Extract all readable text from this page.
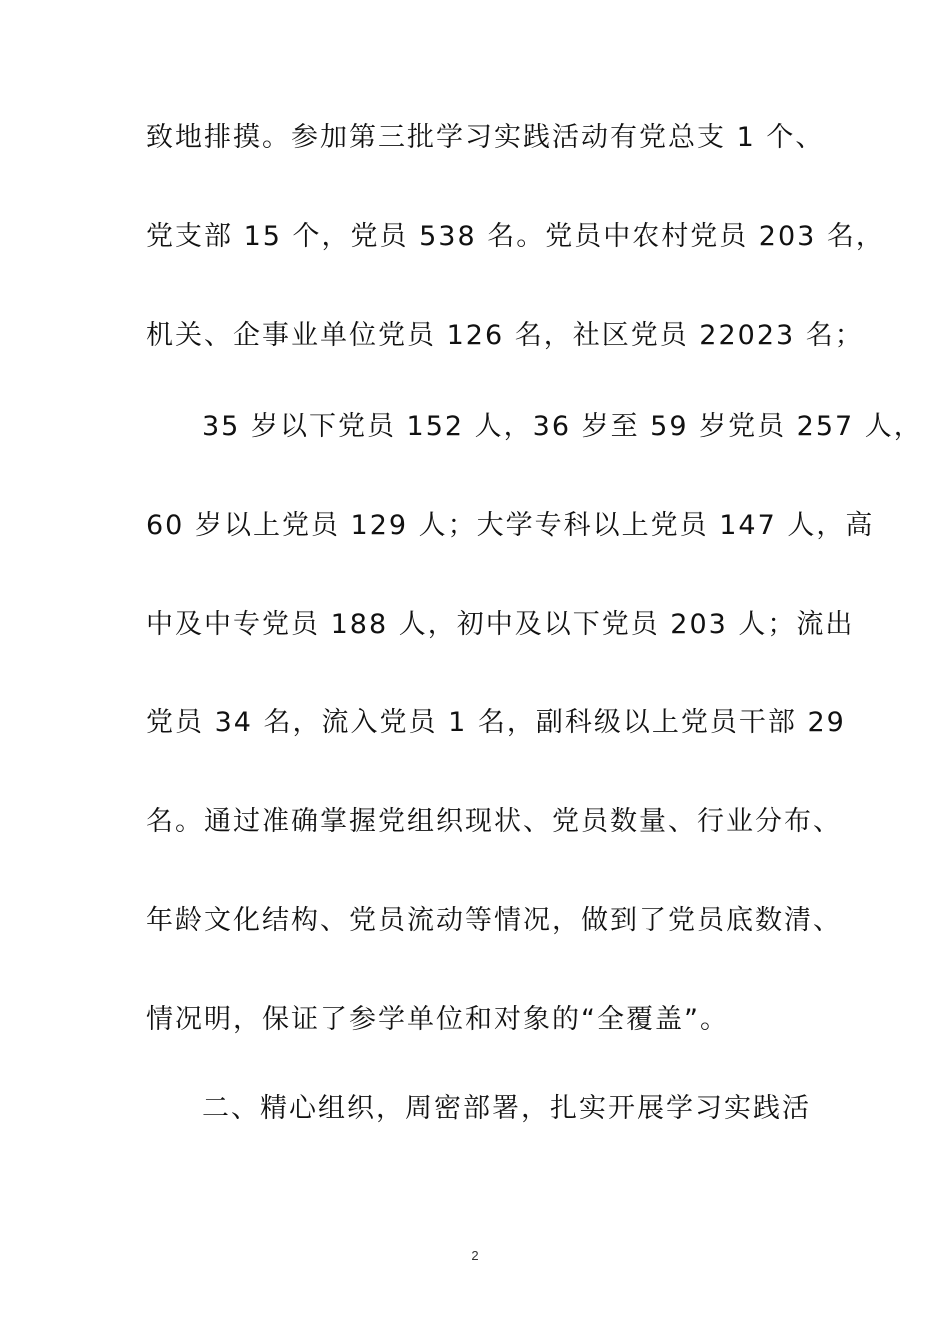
致地排摸。参加第三批学习实践活动有党总支 1 个、
党支部 15 个，党员 538 名。党员中农村党员 203 名，
机关、企事业单位党员 126 名，社区党员 22023 名；
35 岁以下党员 152 人，36 岁至 59 岁党员 257 人，
60 岁以上党员 129 人；大学专科以上党员 147 人，高
中及中专党员 188 人，初中及以下党员 203 人；流出
党员 34 名，流入党员 1 名，副科级以上党员干部 29
名。通过准确掌握党组织现状、党员数量、行业分布、
年龄文化结构、党员流动等情况，做到了党员底数清、
情况明，保证了参学单位和对象的“全覆盖”。
二、精心组织，周密部署，扎实开展学习实践活
2
